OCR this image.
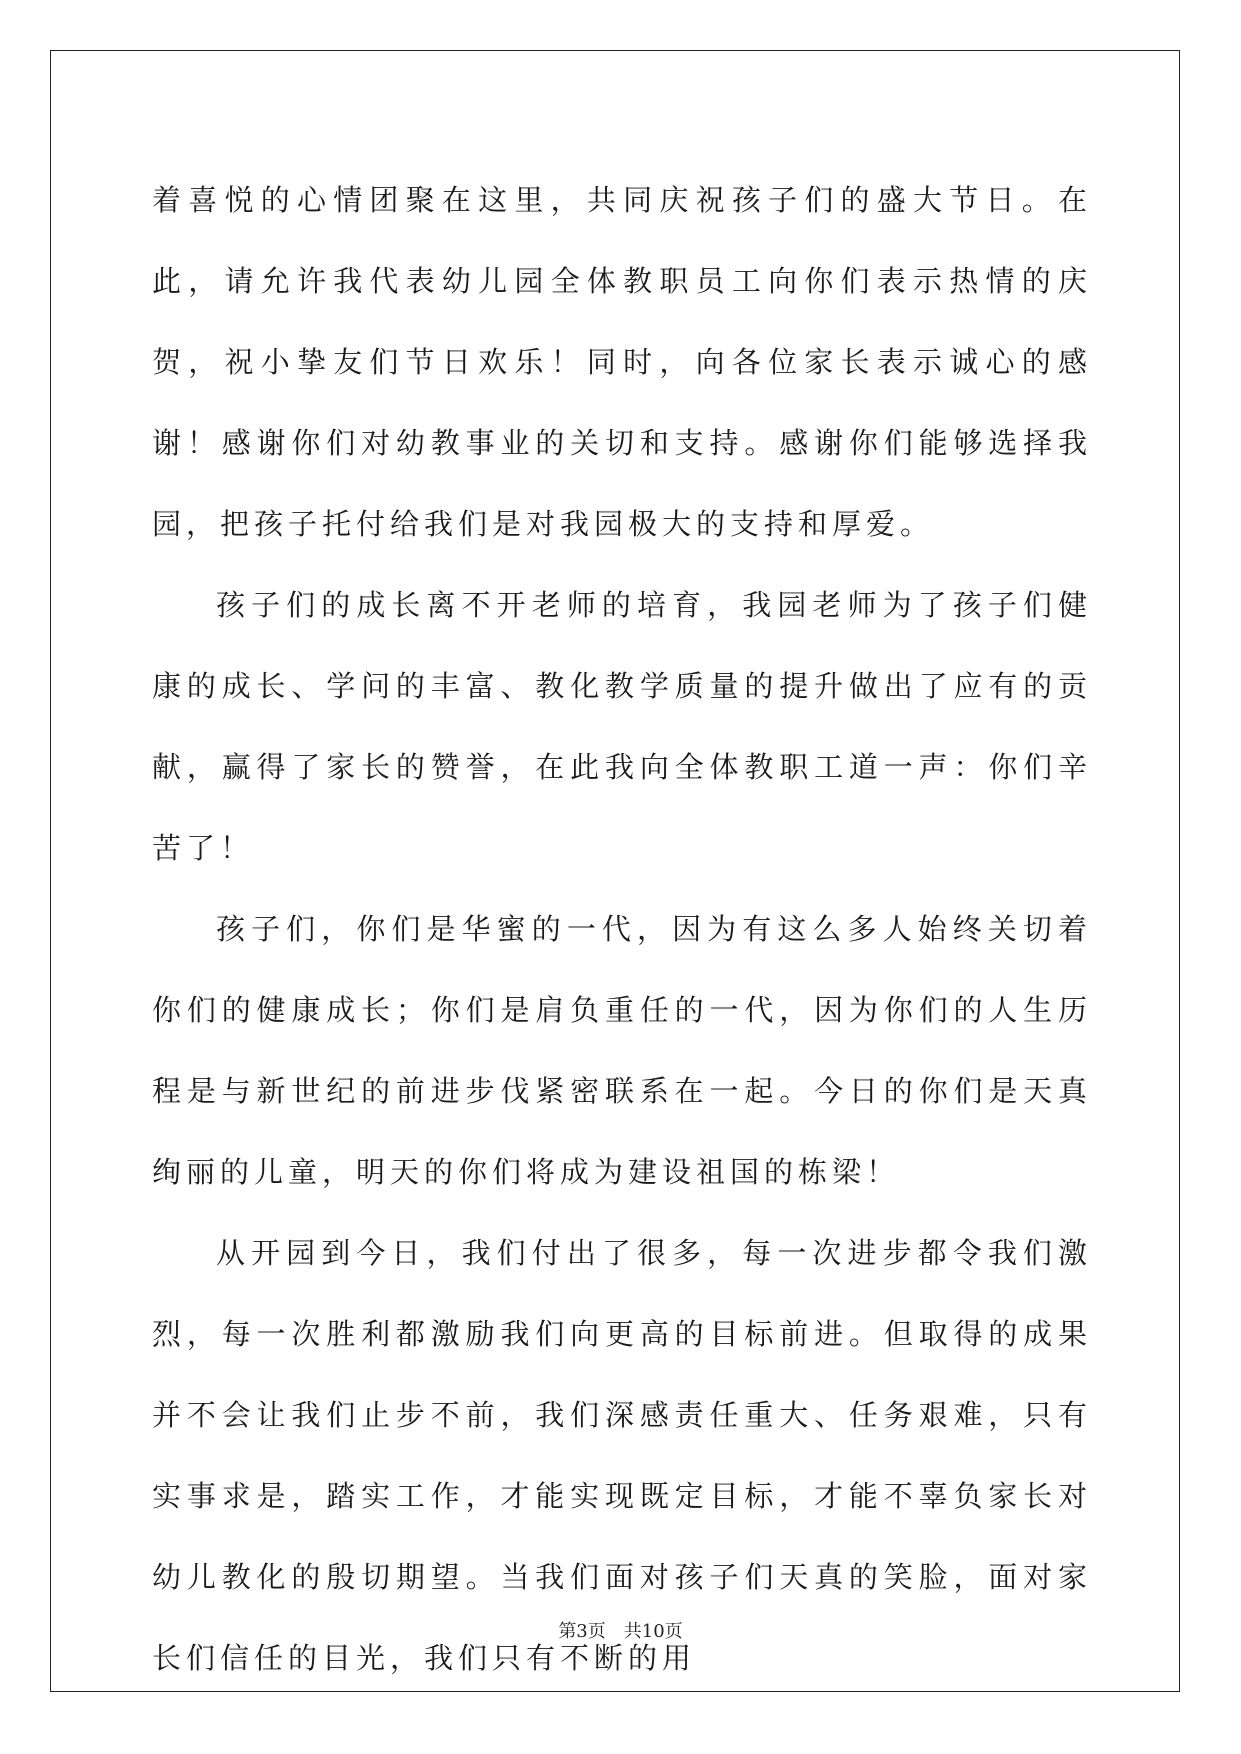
着喜悦的心情团聚在这里，共同庆祝孩子们的盛大节日。在此，请允许我代表幼儿园全体教职员工向你们表示热情的庆贺，祝小挚友们节日欢乐！同时，向各位家长表示诚心的感谢！感谢你们对幼教事业的关切和支持。感谢你们能够选择我园，把孩子托付给我们是对我园极大的支持和厚爱。

孩子们的成长离不开老师的培育，我园老师为了孩子们健康的成长、学问的丰富、教化教学质量的提升做出了应有的贡献，赢得了家长的赞誉，在此我向全体教职工道一声：你们辛苦了！

孩子们，你们是华蜜的一代，因为有这么多人始终关切着你们的健康成长；你们是肩负重任的一代，因为你们的人生历程是与新世纪的前进步伐紧密联系在一起。今日的你们是天真绚丽的儿童，明天的你们将成为建设祖国的栋梁！

从开园到今日，我们付出了很多，每一次进步都令我们激烈，每一次胜利都激励我们向更高的目标前进。但取得的成果并不会让我们止步不前，我们深感责任重大、任务艰难，只有实事求是，踏实工作，才能实现既定目标，才能不辜负家长对幼儿教化的殷切期望。当我们面对孩子们天真的笑脸，面对家长们信任的目光，我们只有不断的用

第3页　共10页
